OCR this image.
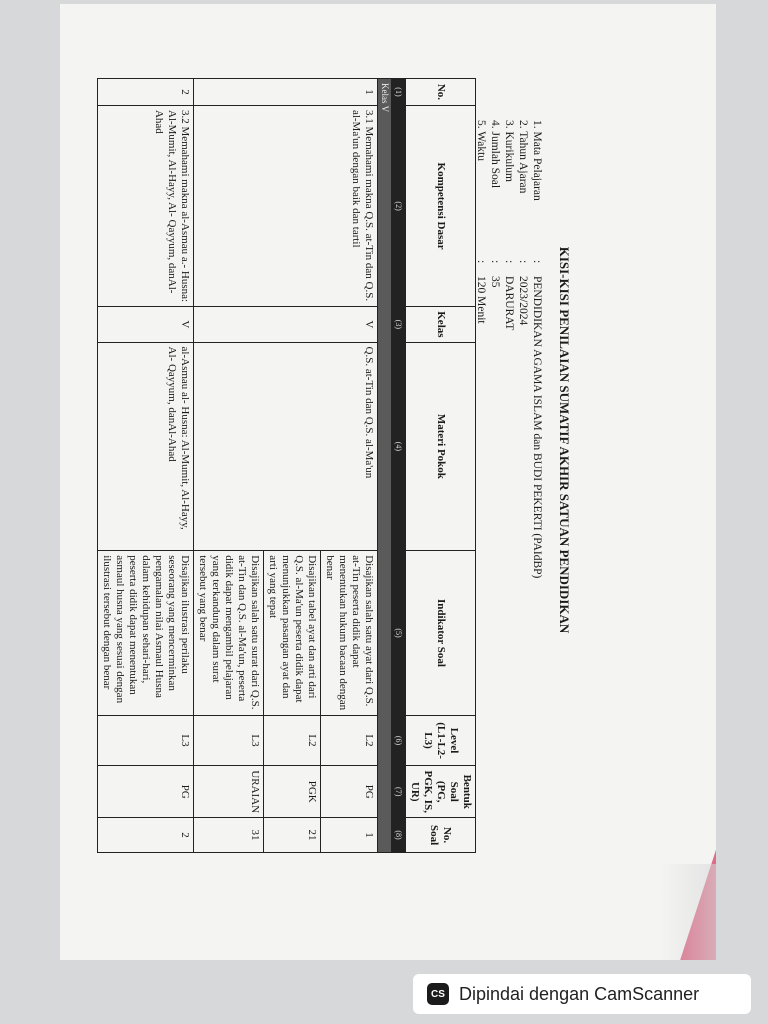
KISI-KISI PENILAIAN SUMATIF AKHIR SATUAN PENDIDIKAN
1. Mata Pelajaran
:
PENDIDIKAN AGAMA ISLAM dan BUDI PEKERTI (PAIdBP)
2. Tahun Ajaran
:
2023/2024
3. Kurikulum
:
DARURAT
4. Jumlah Soal
:
35
5. Waktu
:
120 Menit
No.	Kompetensi Dasar	Kelas	Materi Pokok	Indikator Soal	Level (L1-L2-L3)	Bentuk Soal (PG, PGK, IS, UR)	No. Soal
(1)	(2)	(3)	(4)	(5)	(6)	(7)	(8)
Kelas V							
1	3.1 Memahami makna Q.S. at-Tin dan Q.S. al-Ma'un dengan baik dan tartil	V	Q.S. at-Tin dan Q.S. al-Ma'un	Disajikan salah satu ayat dari Q.S. at-Tin peserta didik dapat menentukan hukum bacaan dengan benar	L2	PG	1
				Disajikan tabel ayat dan arti dari Q.S. al-Ma'un peserta didik dapat menunjukkan pasangan ayat dan arti yang tepat	L2	PGK	21
				Disajikan salah satu surat dari Q.S. at-Tin dan Q.S. al-Ma'un, peserta didik dapat mengambil pelajaran yang terkandung dalam surat tersebut yang benar	L3	URAIAN	31
2	3.2 Memahami makna al-Asmau a.- Husna: Al-Mumit, Al-Hayy, Al- Qayyum, danAl-Ahad	V	al-Asmau al- Husna: Al-Mumit, Al-Hayy, Al- Qayyum, danAl-Ahad	Disajikan ilustrasi perilaku seseorang yang mencerminkan pengamalan nilai Asmaul Husna dalam kehidupan sehari-hari, peserta didik dapat menentukan asmaul husna yang sesuai dengan ilustrasi tersebut dengan benar	L3	PG	2
CS Dipindai dengan CamScanner
